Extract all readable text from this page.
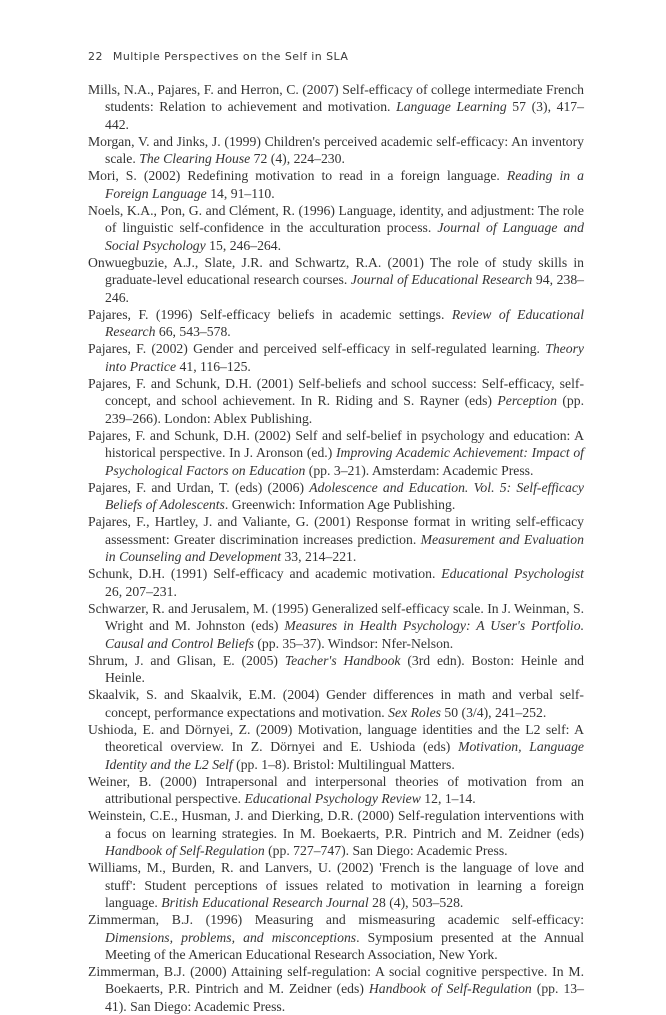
22 Multiple Perspectives on the Self in SLA

Mills, N.A., Pajares, F. and Herron, C. (2007) Self-efficacy of college intermediate French students: Relation to achievement and motivation. Language Learning 57 (3), 417–442.

Morgan, V. and Jinks, J. (1999) Children's perceived academic self-efficacy: An inventory scale. The Clearing House 72 (4), 224–230.

Mori, S. (2002) Redefining motivation to read in a foreign language. Reading in a Foreign Language 14, 91–110.

Noels, K.A., Pon, G. and Clément, R. (1996) Language, identity, and adjustment: The role of linguistic self-confidence in the acculturation process. Journal of Language and Social Psychology 15, 246–264.

Onwuegbuzie, A.J., Slate, J.R. and Schwartz, R.A. (2001) The role of study skills in graduate-level educational research courses. Journal of Educational Research 94, 238–246.

Pajares, F. (1996) Self-efficacy beliefs in academic settings. Review of Educational Research 66, 543–578.

Pajares, F. (2002) Gender and perceived self-efficacy in self-regulated learning. Theory into Practice 41, 116–125.

Pajares, F. and Schunk, D.H. (2001) Self-beliefs and school success: Self-efficacy, self-concept, and school achievement. In R. Riding and S. Rayner (eds) Perception (pp. 239–266). London: Ablex Publishing.

Pajares, F. and Schunk, D.H. (2002) Self and self-belief in psychology and education: A historical perspective. In J. Aronson (ed.) Improving Academic Achievement: Impact of Psychological Factors on Education (pp. 3–21). Amsterdam: Academic Press.

Pajares, F. and Urdan, T. (eds) (2006) Adolescence and Education. Vol. 5: Self-efficacy Beliefs of Adolescents. Greenwich: Information Age Publishing.

Pajares, F., Hartley, J. and Valiante, G. (2001) Response format in writing self-efficacy assessment: Greater discrimination increases prediction. Measurement and Evaluation in Counseling and Development 33, 214–221.

Schunk, D.H. (1991) Self-efficacy and academic motivation. Educational Psychologist 26, 207–231.

Schwarzer, R. and Jerusalem, M. (1995) Generalized self-efficacy scale. In J. Weinman, S. Wright and M. Johnston (eds) Measures in Health Psychology: A User's Portfolio. Causal and Control Beliefs (pp. 35–37). Windsor: Nfer-Nelson.

Shrum, J. and Glisan, E. (2005) Teacher's Handbook (3rd edn). Boston: Heinle and Heinle.

Skaalvik, S. and Skaalvik, E.M. (2004) Gender differences in math and verbal self-concept, performance expectations and motivation. Sex Roles 50 (3/4), 241–252.

Ushioda, E. and Dörnyei, Z. (2009) Motivation, language identities and the L2 self: A theoretical overview. In Z. Dörnyei and E. Ushioda (eds) Motivation, Language Identity and the L2 Self (pp. 1–8). Bristol: Multilingual Matters.

Weiner, B. (2000) Intrapersonal and interpersonal theories of motivation from an attributional perspective. Educational Psychology Review 12, 1–14.

Weinstein, C.E., Husman, J. and Dierking, D.R. (2000) Self-regulation interventions with a focus on learning strategies. In M. Boekaerts, P.R. Pintrich and M. Zeidner (eds) Handbook of Self-Regulation (pp. 727–747). San Diego: Academic Press.

Williams, M., Burden, R. and Lanvers, U. (2002) 'French is the language of love and stuff': Student perceptions of issues related to motivation in learning a foreign language. British Educational Research Journal 28 (4), 503–528.

Zimmerman, B.J. (1996) Measuring and mismeasuring academic self-efficacy: Dimensions, problems, and misconceptions. Symposium presented at the Annual Meeting of the American Educational Research Association, New York.

Zimmerman, B.J. (2000) Attaining self-regulation: A social cognitive perspective. In M. Boekaerts, P.R. Pintrich and M. Zeidner (eds) Handbook of Self-Regulation (pp. 13–41). San Diego: Academic Press.
